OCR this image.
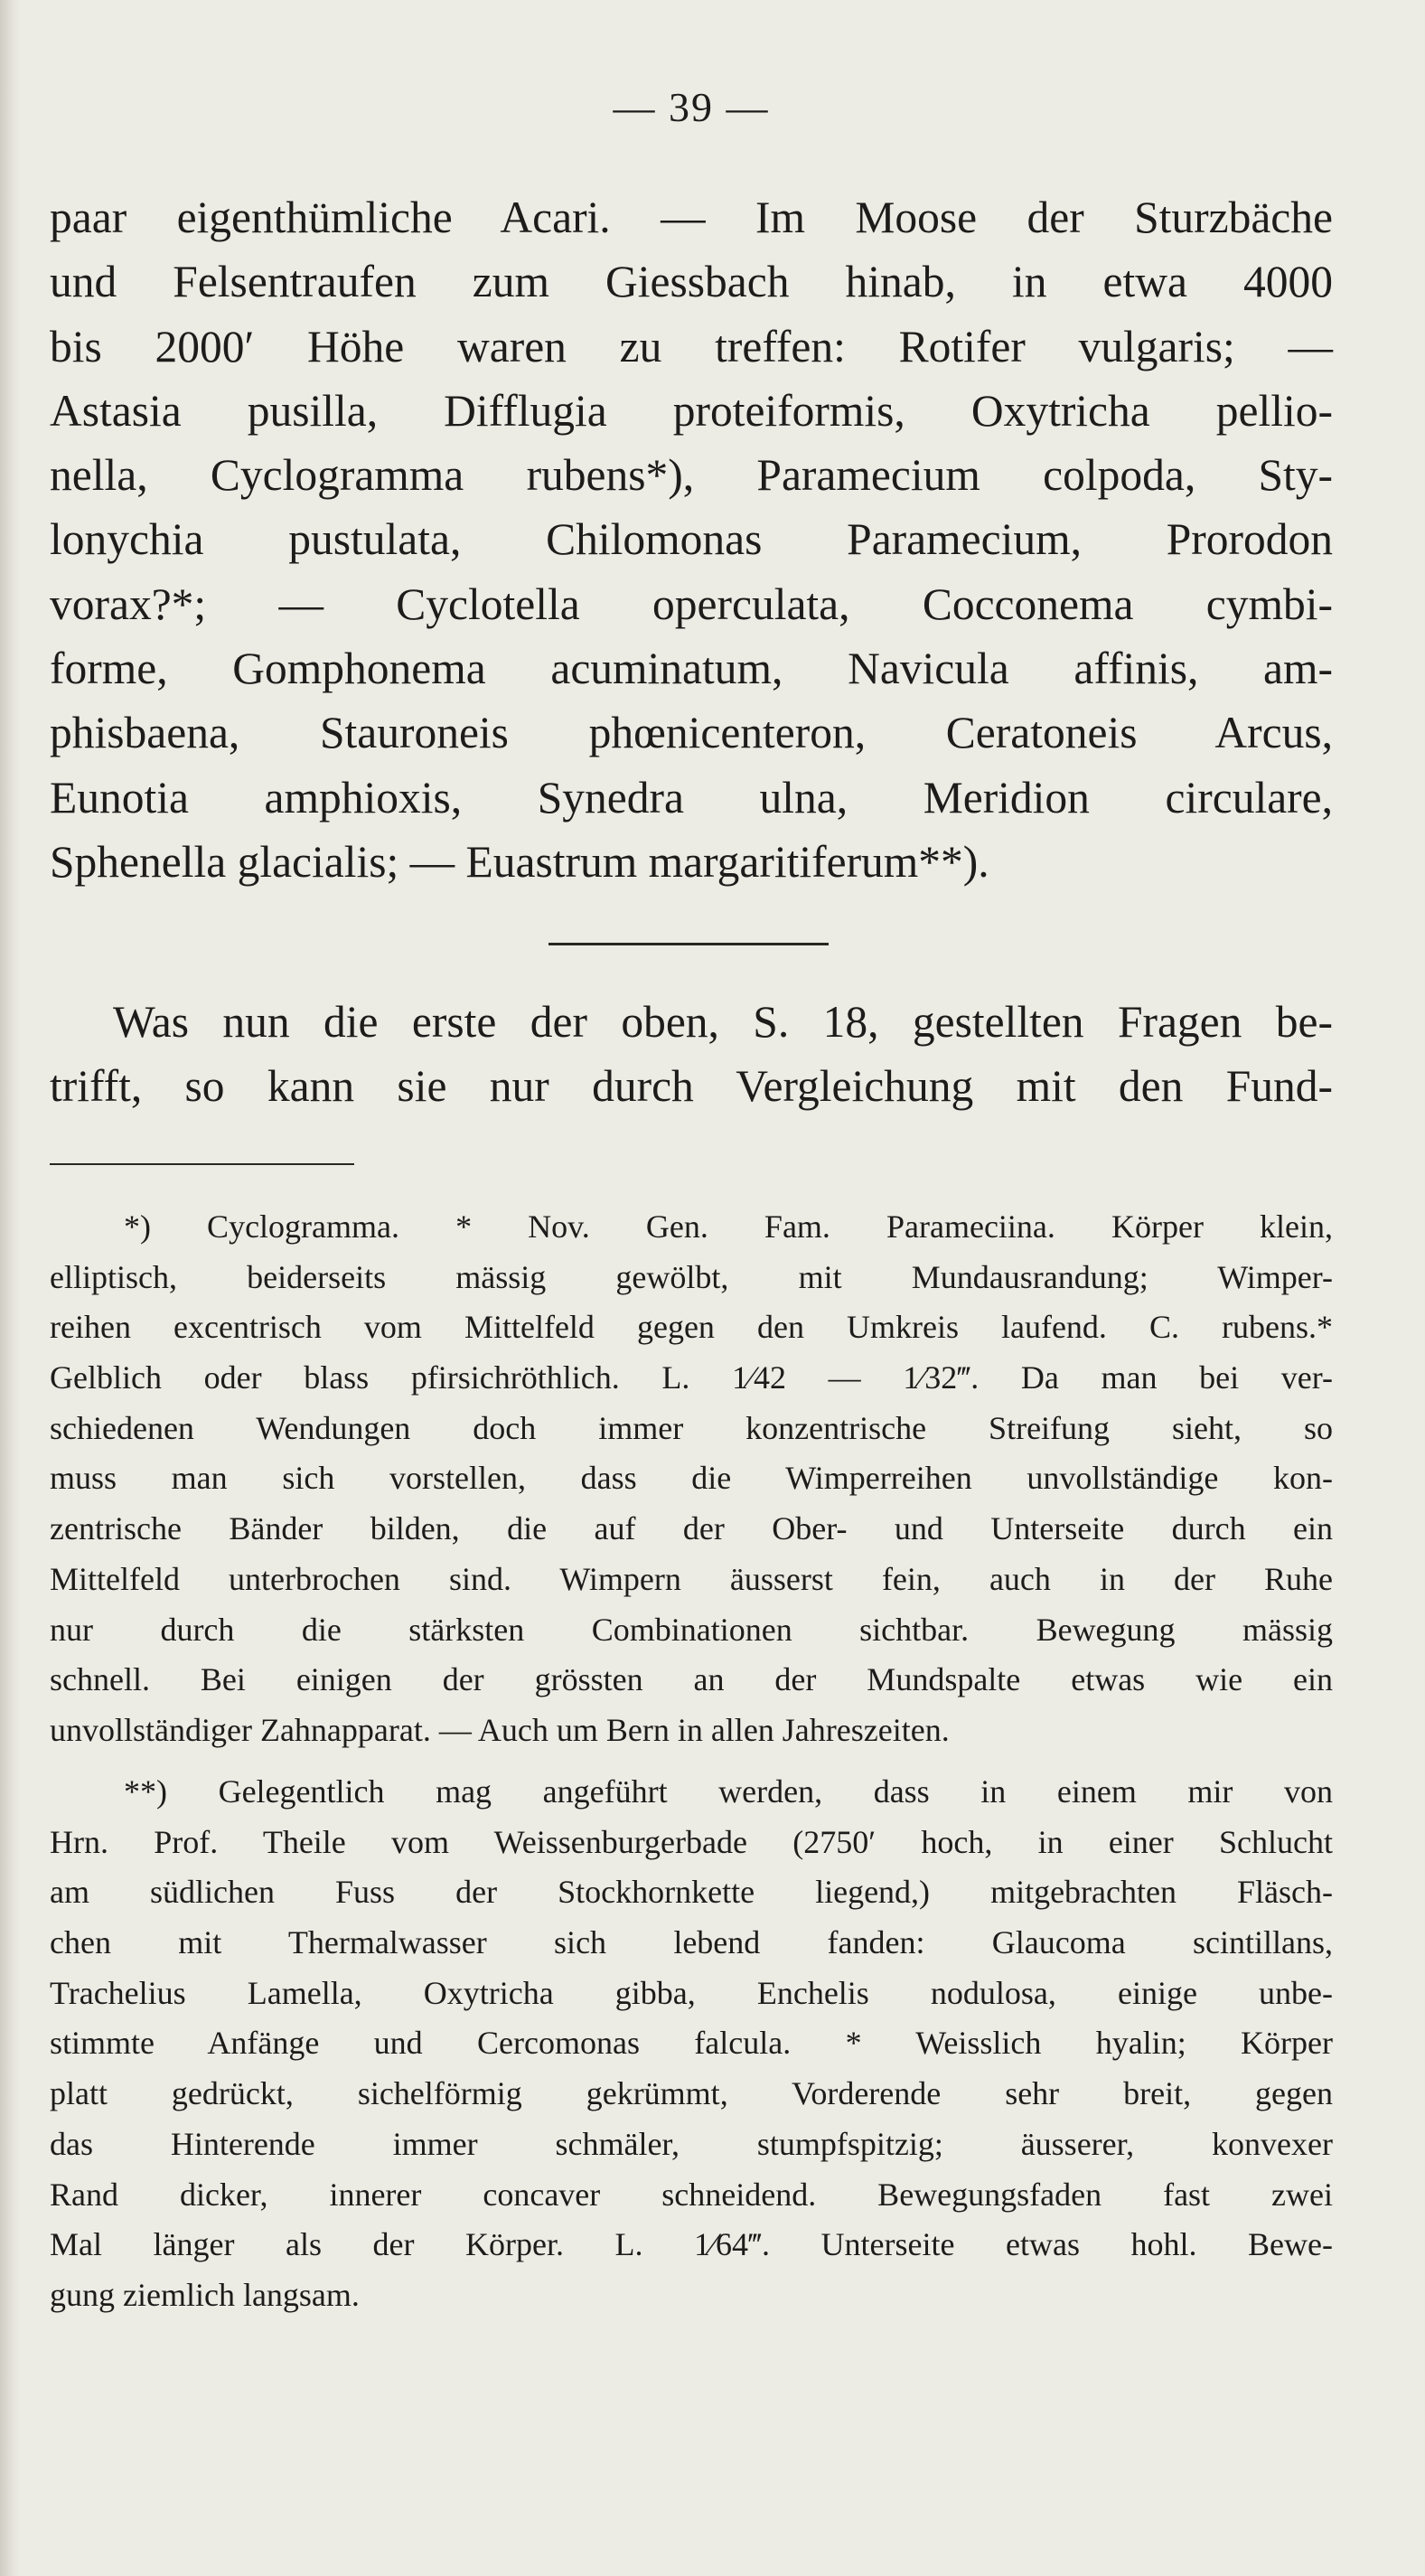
— 39 —
paar eigenthümliche Acari. — Im Moose der Sturzbäche
und Felsentraufen zum Giessbach hinab, in etwa 4000
bis 2000′ Höhe waren zu treffen: Rotifer vulgaris; —
Astasia pusilla, Difflugia proteiformis, Oxytricha pellio-
nella, Cyclogramma rubens*), Paramecium colpoda, Sty-
lonychia pustulata, Chilomonas Paramecium, Prorodon
vorax?*; — Cyclotella operculata, Cocconema cymbi-
forme, Gomphonema acuminatum, Navicula affinis, am-
phisbaena, Stauroneis phœnicenteron, Ceratoneis Arcus,
Eunotia amphioxis, Synedra ulna, Meridion circulare,
Sphenella glacialis; — Euastrum margaritiferum**).
Was nun die erste der oben, S. 18, gestellten Fragen be-
trifft, so kann sie nur durch Vergleichung mit den Fund-
*) Cyclogramma. * Nov. Gen. Fam. Parameciina. Körper klein,
elliptisch, beiderseits mässig gewölbt, mit Mundausrandung; Wimper-
reihen excentrisch vom Mittelfeld gegen den Umkreis laufend. C. rubens.*
Gelblich oder blass pfirsichröthlich. L. 1⁄42 — 1⁄32‴. Da man bei ver-
schiedenen Wendungen doch immer konzentrische Streifung sieht, so
muss man sich vorstellen, dass die Wimperreihen unvollständige kon-
zentrische Bänder bilden, die auf der Ober- und Unterseite durch ein
Mittelfeld unterbrochen sind. Wimpern äusserst fein, auch in der Ruhe
nur durch die stärksten Combinationen sichtbar. Bewegung mässig
schnell. Bei einigen der grössten an der Mundspalte etwas wie ein
unvollständiger Zahnapparat. — Auch um Bern in allen Jahreszeiten.
**) Gelegentlich mag angeführt werden, dass in einem mir von
Hrn. Prof. Theile vom Weissenburgerbade (2750′ hoch, in einer Schlucht
am südlichen Fuss der Stockhornkette liegend,) mitgebrachten Fläsch-
chen mit Thermalwasser sich lebend fanden: Glaucoma scintillans,
Trachelius Lamella, Oxytricha gibba, Enchelis nodulosa, einige unbe-
stimmte Anfänge und Cercomonas falcula. * Weisslich hyalin; Körper
platt gedrückt, sichelförmig gekrümmt, Vorderende sehr breit, gegen
das Hinterende immer schmäler, stumpfspitzig; äusserer, konvexer
Rand dicker, innerer concaver schneidend. Bewegungsfaden fast zwei
Mal länger als der Körper. L. 1⁄64‴. Unterseite etwas hohl. Bewe-
gung ziemlich langsam.
